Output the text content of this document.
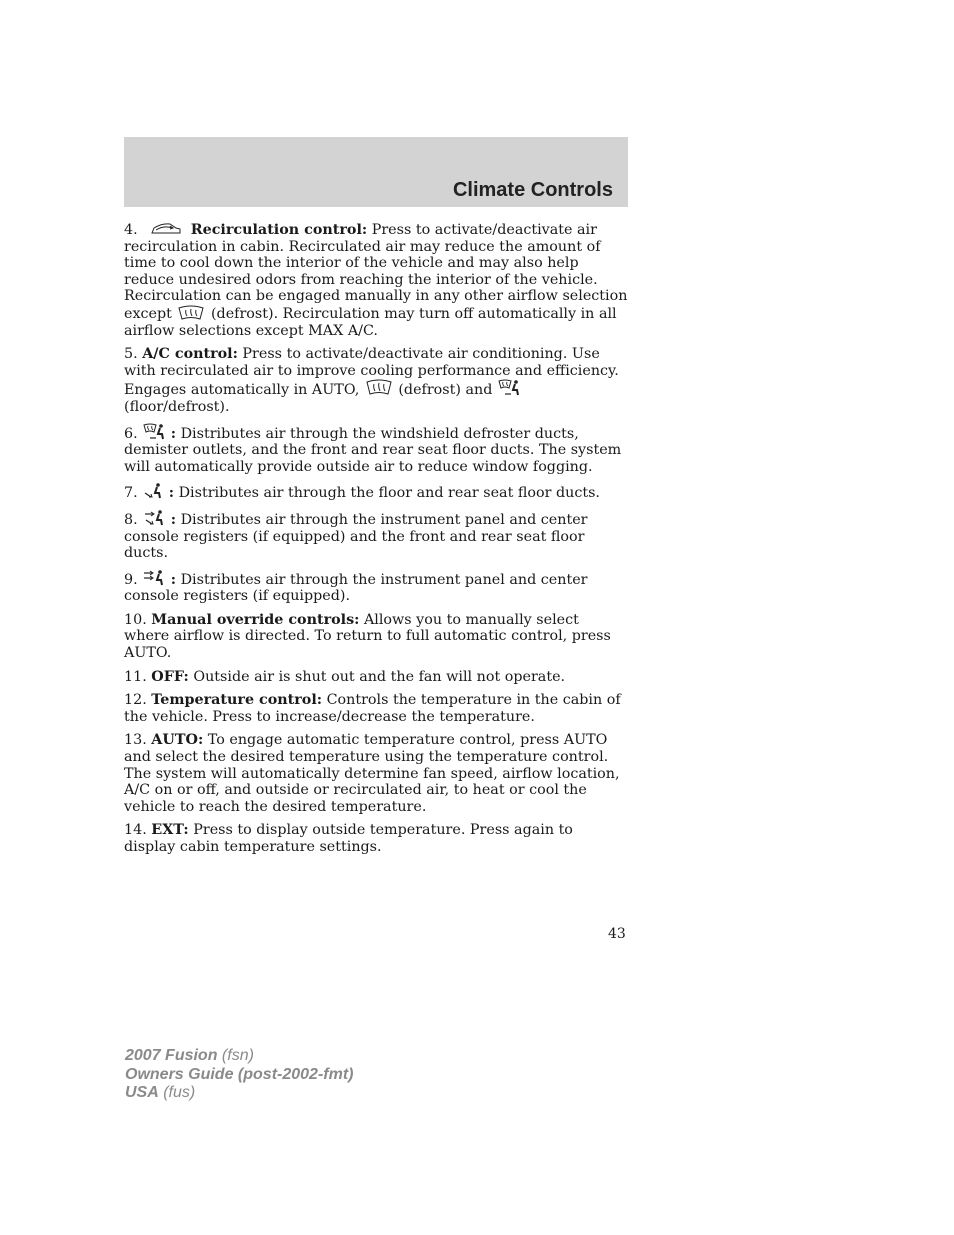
Climate Controls
4.	Recirculation control: Press to activate/deactivate air recirculation in cabin. Recirculated air may reduce the amount of time to cool down the interior of the vehicle and may also help reduce undesired odors from reaching the interior of the vehicle. Recirculation can be engaged manually in any other airflow selection except
(defrost). Recirculation may turn off automatically in all airflow selections except MAX A/C.
5. A/C control: Press to activate/deactivate air conditioning. Use with recirculated air to improve cooling performance and efficiency. Engages automatically in AUTO,
(defrost) and
(floor/defrost).
6. : Distributes air through the windshield defroster ducts, demister outlets, and the front and rear seat floor ducts. The system will automatically provide outside air to reduce window fogging.
7. : Distributes air through the floor and rear seat floor ducts.
8. : Distributes air through the instrument panel and center console registers (if equipped) and the front and rear seat floor ducts.
9. : Distributes air through the instrument panel and center console registers (if equipped).
10. Manual override controls: Allows you to manually select where airflow is directed. To return to full automatic control, press AUTO.
11. OFF: Outside air is shut out and the fan will not operate.
12. Temperature control: Controls the temperature in the cabin of the vehicle. Press to increase/decrease the temperature.
13. AUTO: To engage automatic temperature control, press AUTO and select the desired temperature using the temperature control. The system will automatically determine fan speed, airflow location, A/C on or off, and outside or recirculated air, to heat or cool the vehicle to reach the desired temperature.
14. EXT: Press to display outside temperature. Press again to display cabin temperature settings.
43
2007 Fusion (fsn)
Owners Guide (post-2002-fmt)
USA (fus)
